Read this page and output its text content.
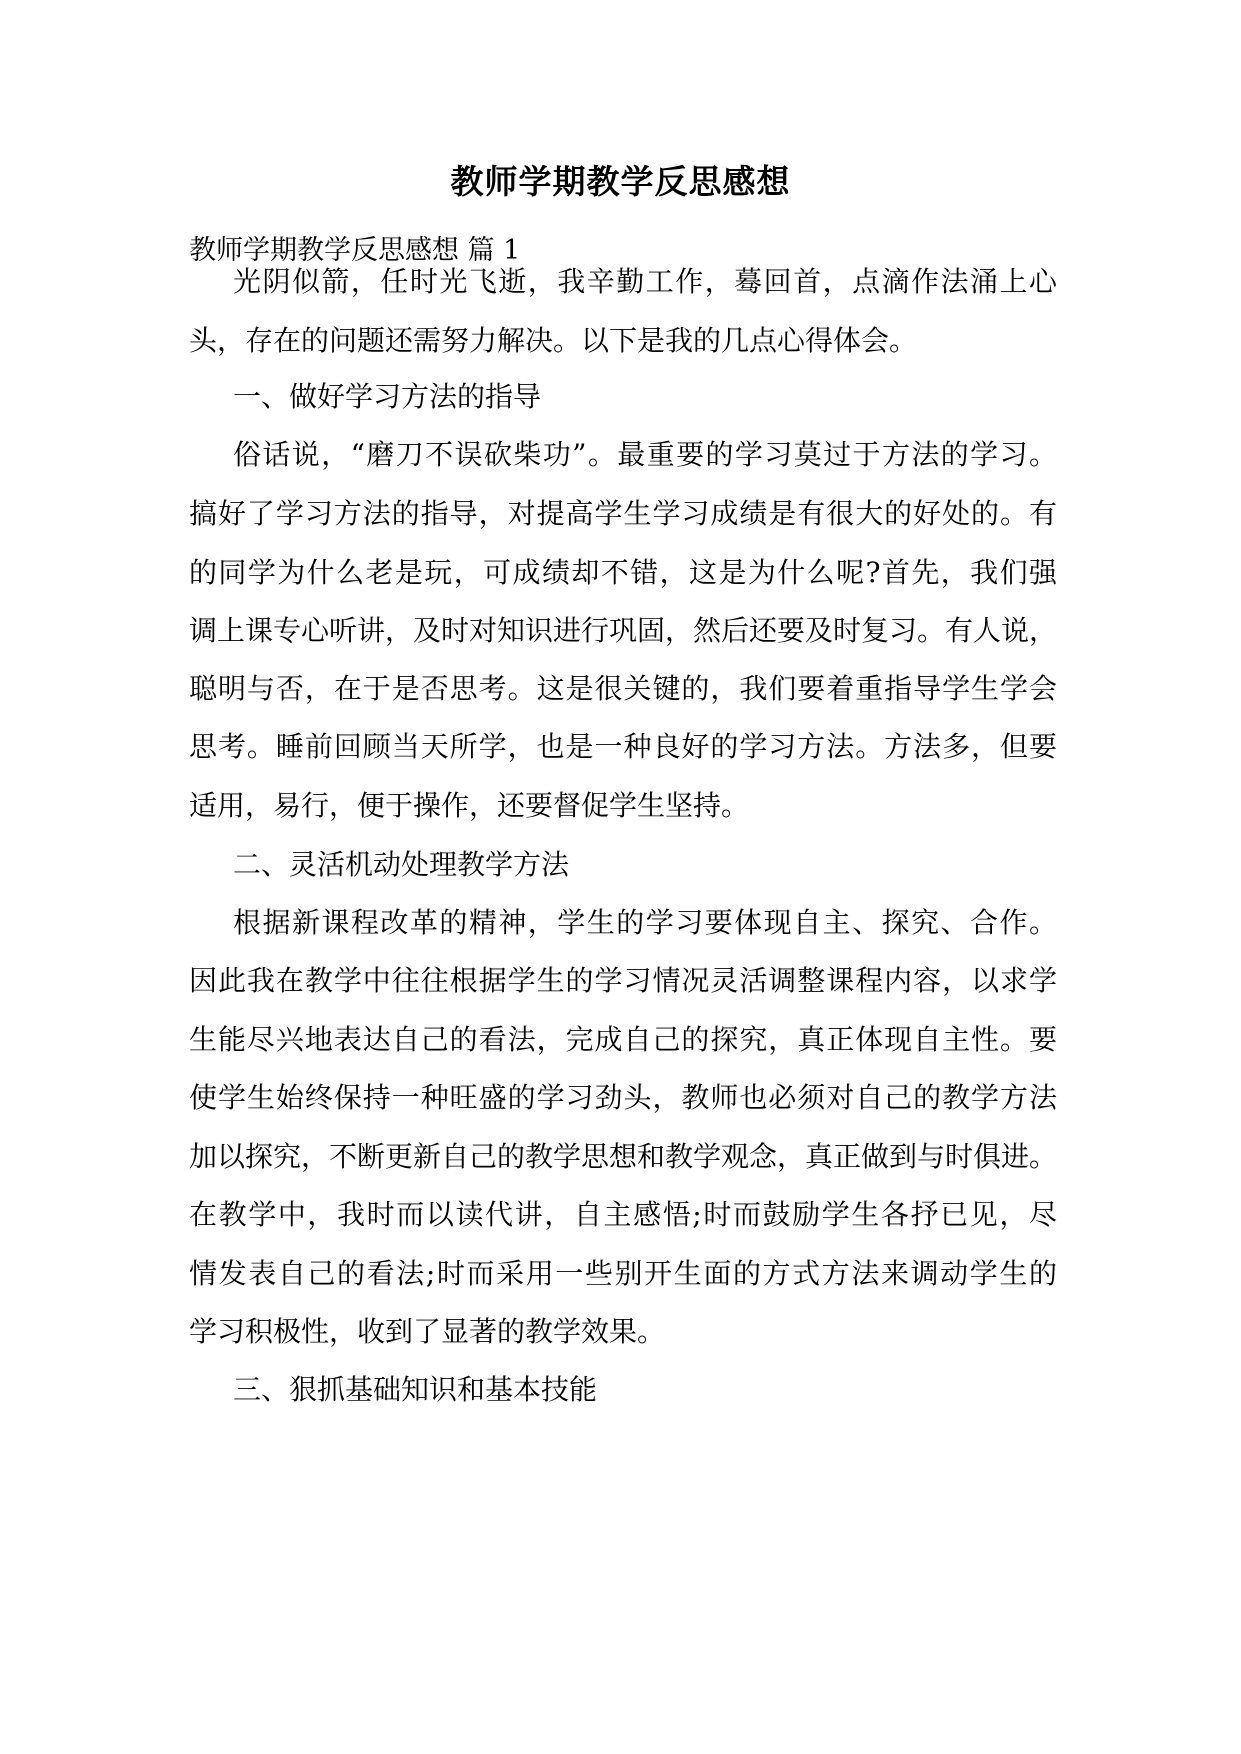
教师学期教学反思感想
教师学期教学反思感想 篇 1
光阴似箭，任时光飞逝，我辛勤工作，蓦回首，点滴作法涌上心
头，存在的问题还需努力解决。以下是我的几点心得体会。
一、做好学习方法的指导
俗话说，“磨刀不误砍柴功”。最重要的学习莫过于方法的学习。
搞好了学习方法的指导，对提高学生学习成绩是有很大的好处的。有
的同学为什么老是玩，可成绩却不错，这是为什么呢?首先，我们强
调上课专心听讲，及时对知识进行巩固，然后还要及时复习。有人说，
聪明与否，在于是否思考。这是很关键的，我们要着重指导学生学会
思考。睡前回顾当天所学，也是一种良好的学习方法。方法多，但要
适用，易行，便于操作，还要督促学生坚持。
二、灵活机动处理教学方法
根据新课程改革的精神，学生的学习要体现自主、探究、合作。
因此我在教学中往往根据学生的学习情况灵活调整课程内容，以求学
生能尽兴地表达自己的看法，完成自己的探究，真正体现自主性。要
使学生始终保持一种旺盛的学习劲头，教师也必须对自己的教学方法
加以探究，不断更新自己的教学思想和教学观念，真正做到与时俱进。
在教学中，我时而以读代讲，自主感悟;时而鼓励学生各抒已见，尽
情发表自己的看法;时而采用一些别开生面的方式方法来调动学生的
学习积极性，收到了显著的教学效果。
三、狠抓基础知识和基本技能
